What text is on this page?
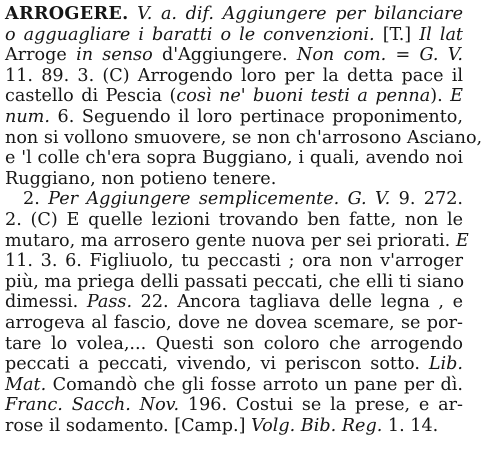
ARROGERE. V. a. dif. Aggiungere per bilanciare
o agguagliare i baratti o le convenzioni. [T.] Il lat
Arroge in senso d'Aggiungere. Non com. = G. V.
11. 89. 3. (C) Arrogendo loro per la detta pace il
castello di Pescia (così ne' buoni testi a penna). E
num. 6. Seguendo il loro pertinace proponimento,
non si vollono smuovere, se non ch'arrosono Asciano,
e 'l colle ch'era sopra Buggiano, i quali, avendo noi
Ruggiano, non potieno tenere.
2. Per Aggiungere semplicemente. G. V. 9. 272.
2. (C) E quelle lezioni trovando ben fatte, non le
mutaro, ma arrosero gente nuova per sei priorati. E
11. 3. 6. Figliuolo, tu peccasti ; ora non v'arroger
più, ma priega delli passati peccati, che elli ti siano
dimessi. Pass. 22. Ancora tagliava delle legna , e
arrogeva al fascio, dove ne dovea scemare, se por-
tare lo volea,... Questi son coloro che arrogendo
peccati a peccati, vivendo, vi periscon sotto. Lib.
Mat. Comandò che gli fosse arroto un pane per dì.
Franc. Sacch. Nov. 196. Costui se la prese, e ar-
rose il sodamento. [Camp.] Volg. Bib. Reg. 1. 14.
